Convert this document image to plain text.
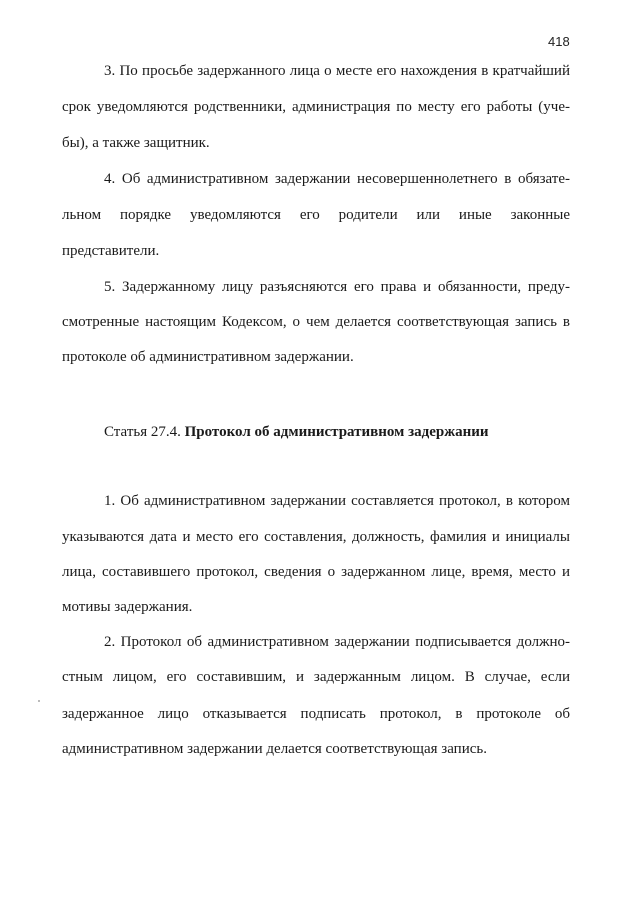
418
3. По просьбе задержанного лица о месте его нахождения в кратчайший
срок уведомляются родственники, администрация по месту его работы (уче-
бы), а также защитник.
4. Об административном задержании несовершеннолетнего в обязате-
льном порядке уведомляются его родители или иные законные
представители.
5. Задержанному лицу разъясняются его права и обязанности, преду-
смотренные настоящим Кодексом, о чем делается соответствующая запись в
протоколе об административном задержании.
Статья 27.4. Протокол об административном задержании
1. Об административном задержании составляется протокол, в котором
указываются дата и место его составления, должность, фамилия и инициалы
лица, составившего протокол, сведения о задержанном лице, время, место и
мотивы задержания.
2. Протокол об административном задержании подписывается должно-
стным лицом, его составившим, и задержанным лицом. В случае, если
задержанное лицо отказывается подписать протокол, в протоколе об
административном задержании делается соответствующая запись.
